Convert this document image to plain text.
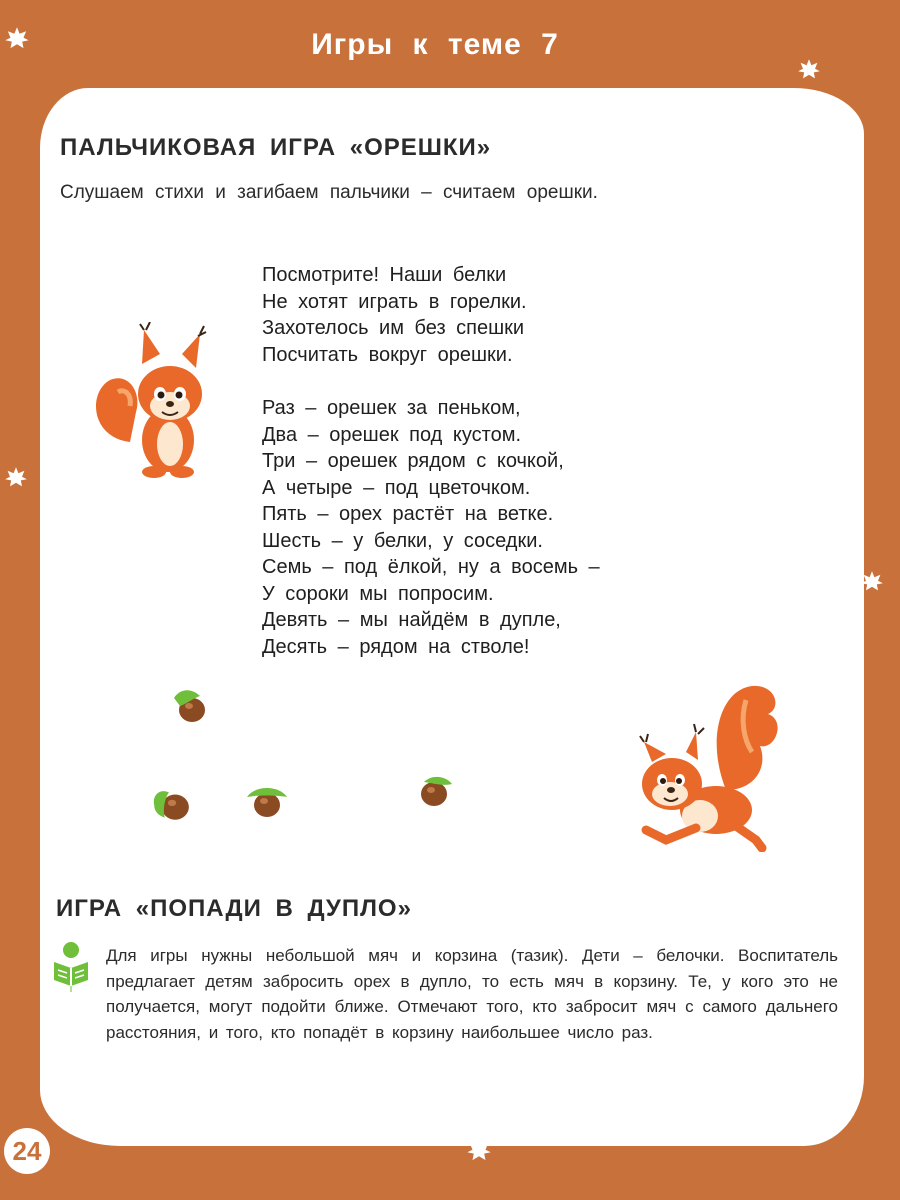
Игры к теме 7
ПАЛЬЧИКОВАЯ ИГРА «ОРЕШКИ»
Слушаем стихи и загибаем пальчики – считаем орешки.
Посмотрите! Наши белки
Не хотят играть в горелки.
Захотелось им без спешки
Посчитать вокруг орешки.
Раз – орешек за пеньком,
Два – орешек под кустом.
Три – орешек рядом с кочкой,
А четыре – под цветочком.
Пять – орех растёт на ветке.
Шесть – у белки, у соседки.
Семь – под ёлкой, ну а восемь –
У сороки мы попросим.
Девять – мы найдём в дупле,
Десять – рядом на стволе!
ИГРА «ПОПАДИ В ДУПЛО»
Для игры нужны небольшой мяч и корзина (тазик). Дети – белочки. Воспитатель предлагает детям забросить орех в дупло, то есть мяч в корзину. Те, у кого это не получается, могут подойти ближе. Отмечают того, кто забросит мяч с самого дальнего расстояния, и того, кто попадёт в корзину наибольшее число раз.
24
